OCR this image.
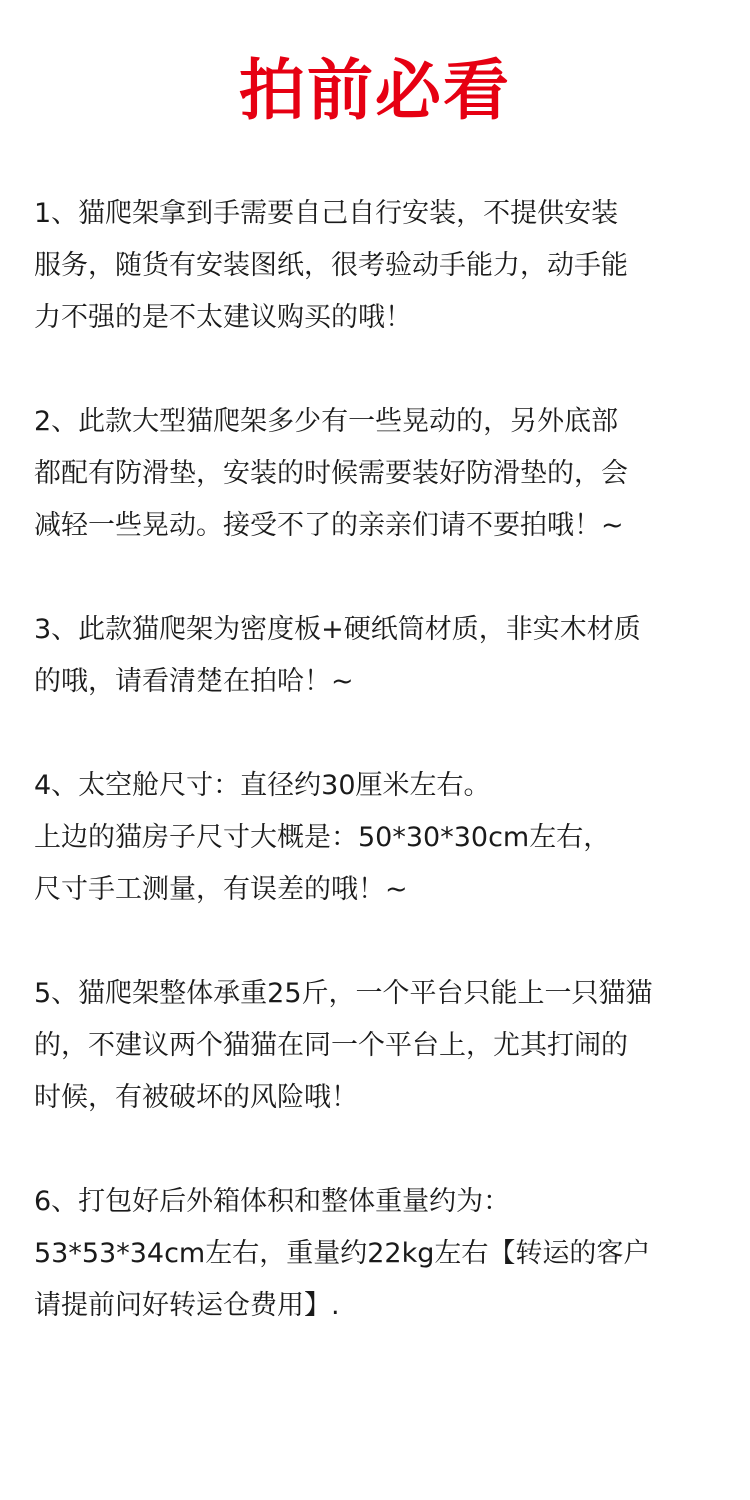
拍前必看
1、猫爬架拿到手需要自己自行安装，不提供安装
服务，随货有安装图纸，很考验动手能力，动手能
力不强的是不太建议购买的哦！
2、此款大型猫爬架多少有一些晃动的，另外底部
都配有防滑垫，安装的时候需要装好防滑垫的，会
减轻一些晃动。接受不了的亲亲们请不要拍哦！~
3、此款猫爬架为密度板+硬纸筒材质，非实木材质
的哦，请看清楚在拍哈！~
4、太空舱尺寸：直径约30厘米左右。
上边的猫房子尺寸大概是：50*30*30cm左右，
尺寸手工测量，有误差的哦！~
5、猫爬架整体承重25斤，一个平台只能上一只猫猫
的，不建议两个猫猫在同一个平台上，尤其打闹的
时候，有被破坏的风险哦！
6、打包好后外箱体积和整体重量约为：
53*53*34cm左右，重量约22kg左右【转运的客户
请提前问好转运仓费用】.
